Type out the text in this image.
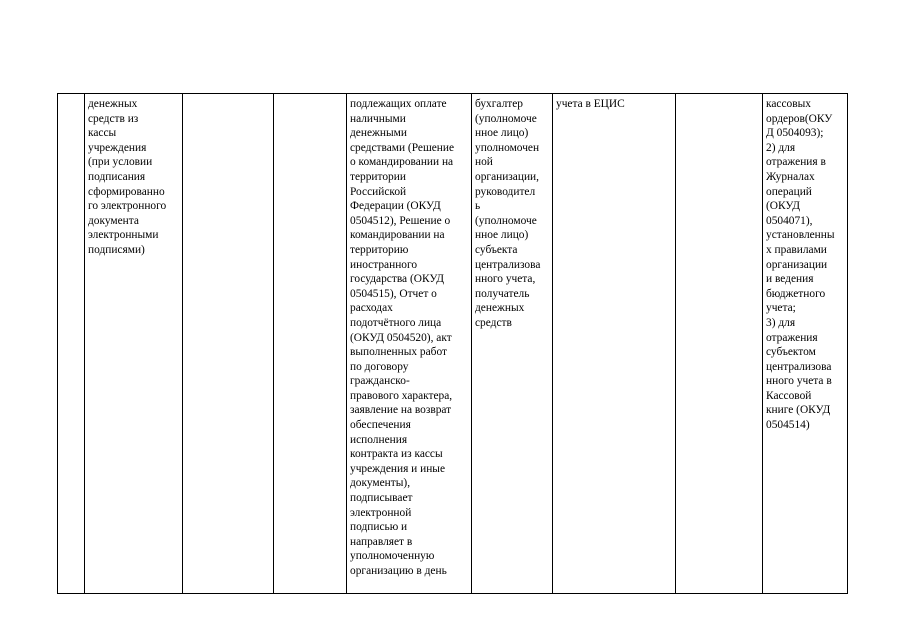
	денежных
средств из
кассы
учреждения
(при условии
подписания
сформированно
го электронного
документа
электронными
подписями)			подлежащих оплате
наличными
денежными
средствами (Решение
о командировании на
территории
Российской
Федерации (ОКУД
0504512), Решение о
командировании на
территорию
иностранного
государства (ОКУД
0504515), Отчет о
расходах
подотчётного лица
(ОКУД 0504520), акт
выполненных работ
по договору
гражданско-
правового характера,
заявление на возврат
обеспечения
исполнения
контракта из кассы
учреждения и иные
документы),
подписывает
электронной
подписью и
направляет в
уполномоченную
организацию в день	бухгалтер
(уполномоче
нное лицо)
уполномочен
ной
организации,
руководител
ь
(уполномоче
нное лицо)
субъекта
централизова
нного учета,
получатель
денежных
средств	учета в ЕЦИС		кассовых
ордеров(ОКУ
Д 0504093);
2) для
отражения в
Журналах
операций
(ОКУД
0504071),
установленны
х правилами
организации
и ведения
бюджетного
учета;
3) для
отражения
субъектом
централизова
нного учета в
Кассовой
книге (ОКУД
0504514)
